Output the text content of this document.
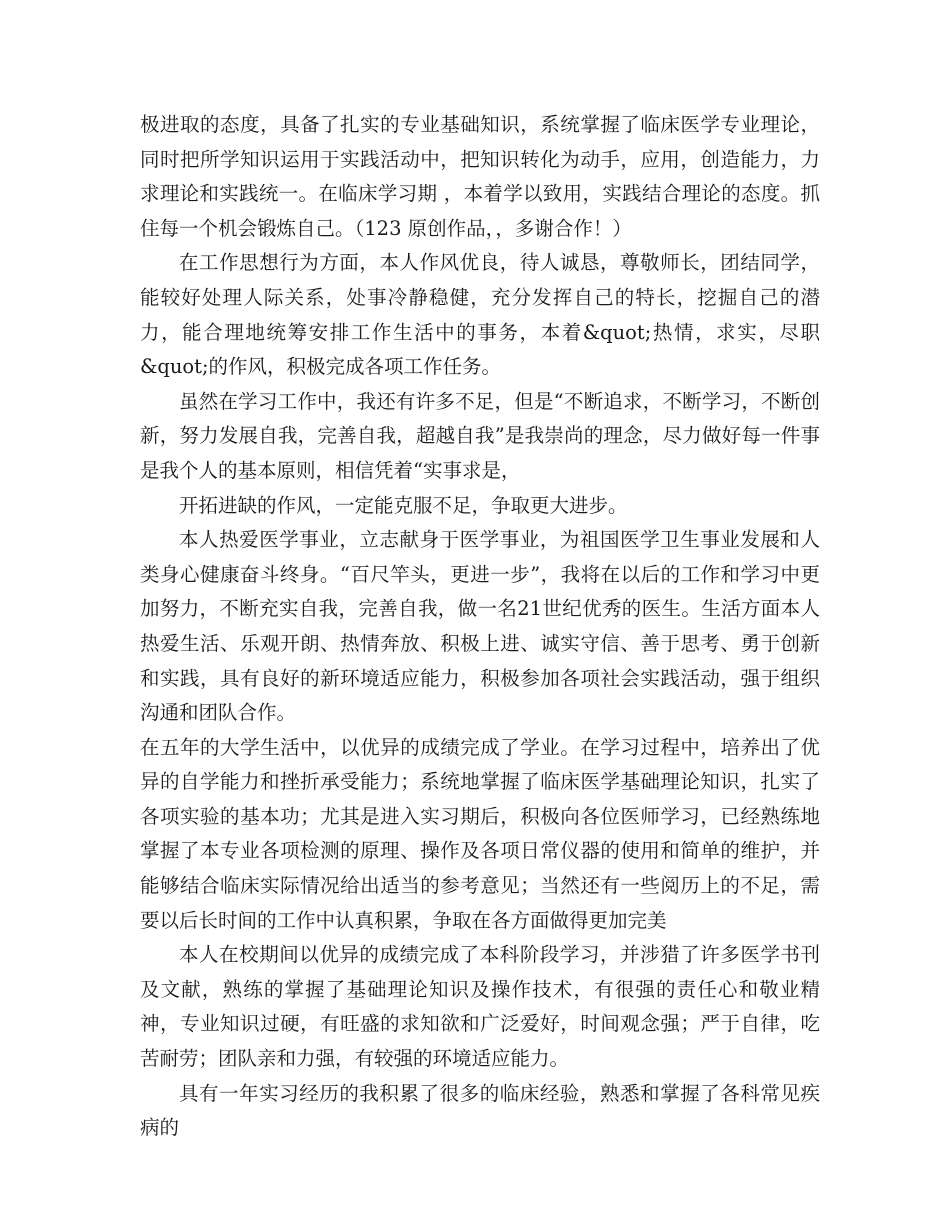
极进取的态度，具备了扎实的专业基础知识，系统掌握了临床医学专业理论，同时把所学知识运用于实践活动中，把知识转化为动手，应用，创造能力，力求理论和实践统一。在临床学习期 ，本着学以致用，实践结合理论的态度。抓住每一个机会锻炼自己。（123 原创作品，，多谢合作！）

在工作思想行为方面，本人作风优良，待人诚恳，尊敬师长，团结同学，能较好处理人际关系，处事冷静稳健，充分发挥自己的特长，挖掘自己的潜力，能合理地统筹安排工作生活中的事务，本着&quot;热情，求实，尽职&quot;的作风，积极完成各项工作任务。

虽然在学习工作中，我还有许多不足，但是“不断追求，不断学习，不断创新，努力发展自我，完善自我，超越自我”是我崇尚的理念，尽力做好每一件事是我个人的基本原则，相信凭着“实事求是，

开拓进缺的作风，一定能克服不足，争取更大进步。

本人热爱医学事业，立志献身于医学事业，为祖国医学卫生事业发展和人类身心健康奋斗终身。“百尺竿头，更进一步”，我将在以后的工作和学习中更加努力，不断充实自我，完善自我，做一名21世纪优秀的医生。生活方面本人热爱生活、乐观开朗、热情奔放、积极上进、诚实守信、善于思考、勇于创新和实践，具有良好的新环境适应能力，积极参加各项社会实践活动，强于组织沟通和团队合作。

在五年的大学生活中，以优异的成绩完成了学业。在学习过程中，培养出了优异的自学能力和挫折承受能力；系统地掌握了临床医学基础理论知识，扎实了各项实验的基本功；尤其是进入实习期后，积极向各位医师学习，已经熟练地掌握了本专业各项检测的原理、操作及各项日常仪器的使用和简单的维护，并能够结合临床实际情况给出适当的参考意见；当然还有一些阅历上的不足，需要以后长时间的工作中认真积累，争取在各方面做得更加完美

本人在校期间以优异的成绩完成了本科阶段学习，并涉猎了许多医学书刊及文献，熟练的掌握了基础理论知识及操作技术，有很强的责任心和敬业精神，专业知识过硬，有旺盛的求知欲和广泛爱好，时间观念强；严于自律，吃苦耐劳；团队亲和力强，有较强的环境适应能力。

具有一年实习经历的我积累了很多的临床经验，熟悉和掌握了各科常见疾病的
